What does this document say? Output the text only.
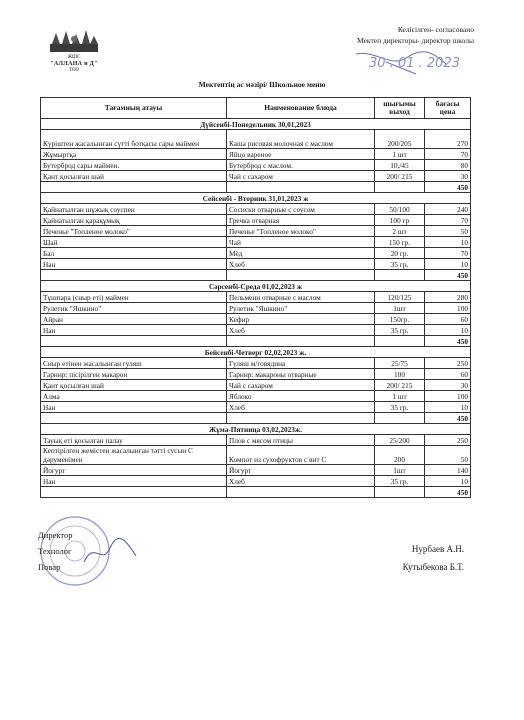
ЖШС
"АЛЛАНА и Д"
ТОО
Келісілген- согласовано
Мектеп директоры- директор школы
30 . 01 . 2023
Мектептің ас мәзірі/ Школьное меню
Тағамның атауы	Наименование блюда	шығымы выход	бағасы цена
Дүйсенбі-Понедельник 30,01,2023			
Күріштен жасалынған сүтті ботқасы сары маймен	Каша рисовая молочная с маслом	200/205	270
Жұмыртқа	Яйцо вареное	1 шт	70
Бутерброд сары маймен.	Бутерброд с маслом.	10,/45	80
Қант қосылған шай	Чай с сахаром	200/ 215	30
			450
Сейсенбі - Вторник 31,01,2023 ж			
Қайнатылған шұжық соуспен	Сосиски отварные с соусом	50/100	240
Қайнатылған қарақұмық	Гречка отварная	100 гр	70
Печенье "Топленое молоко"	Печенье "Топленое молоко"	2 шт	50
Шай	Чай	150 гр.	10
Бал	Мёд	20 гр.	70
Нан	Хлеб	35 гр.	10
			450
Сәрсенбі-Среда 01,02,2023 ж			
Тұшпара (сиыр еті) маймен	Пельмени отварные с маслом	120/125	280
Рулетик "Яшкино"	Рулетик "Яшкино"	1шт	100
Айран	Кефир	150гр.	60
Нан	Хлеб	35 гр.	10
			450
Бейсенбі-Четверг 02,02,2023 ж.			
Сиыр етінен жасалынған гуляш	Гуляш м/говядина	25/75	250
Гарнир: пісірілген макарон	Гарнир: макароны отварные	100	60
Қант қосылған шай	Чай с сахаром	200/ 215	30
Алма	Яблоко	1 шт	100
Нан	Хлеб	35 гр.	10
			450
Жұма-Пятница 03,02,2023ж.			
Тауық еті қосылған палау	Плов с мясом птицы	25/200	250
Кептірілген жемістен жасалынған тәтті сусын С дәруменімен	Компот из сухофруктов с вит С	200	50
Йогурт	Йогурт	1шт	140
Нан	Хлеб	35 гр.	10
			450
Директор
Технолог
Повар
Нурбаев А.Н.
Кутыбекова Б.Т.
